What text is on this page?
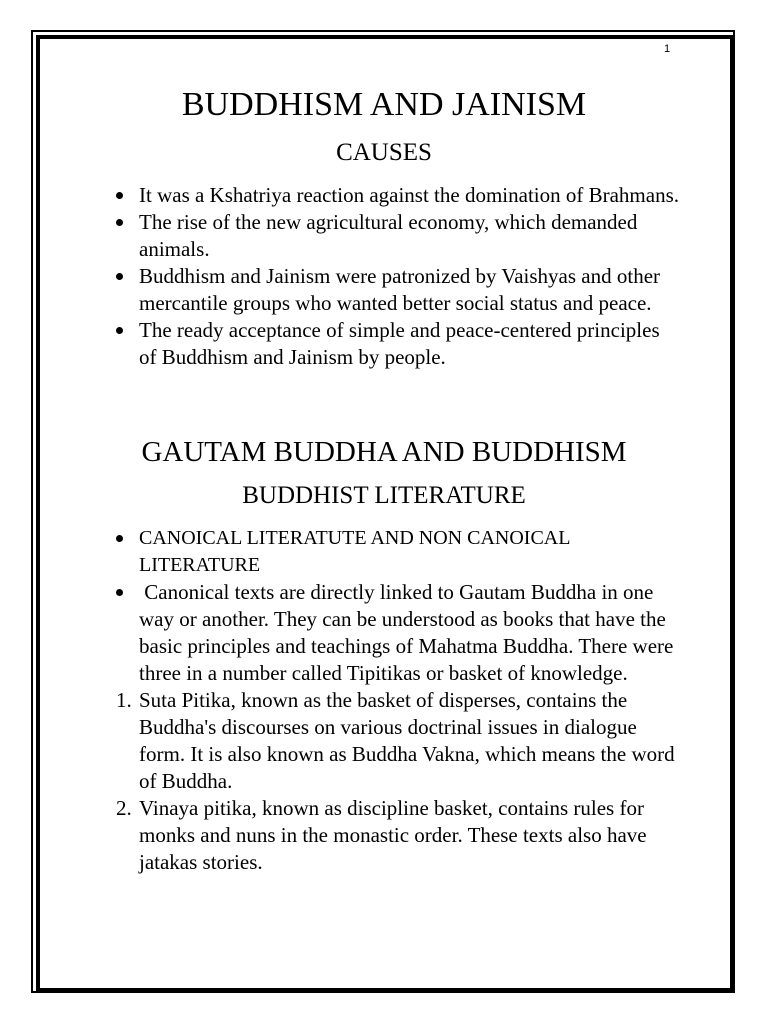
1
BUDDHISM AND JAINISM
CAUSES
It was a Kshatriya reaction against the domination of Brahmans.
The rise of the new agricultural economy, which demanded animals.
Buddhism and Jainism were patronized by Vaishyas and other mercantile groups who wanted better social status and peace.
The ready acceptance of simple and peace-centered principles of Buddhism and Jainism by people.
GAUTAM BUDDHA AND BUDDHISM
BUDDHIST LITERATURE
CANOICAL LITERATUTE AND NON CANOICAL LITERATURE
Canonical texts are directly linked to Gautam Buddha in one way or another. They can be understood as books that have the basic principles and teachings of Mahatma Buddha. There were three in a number called Tipitikas or basket of knowledge.
1. Suta Pitika, known as the basket of disperses, contains the Buddha's discourses on various doctrinal issues in dialogue form. It is also known as Buddha Vakna, which means the word of Buddha.
2. Vinaya pitika, known as discipline basket, contains rules for monks and nuns in the monastic order. These texts also have jatakas stories.
